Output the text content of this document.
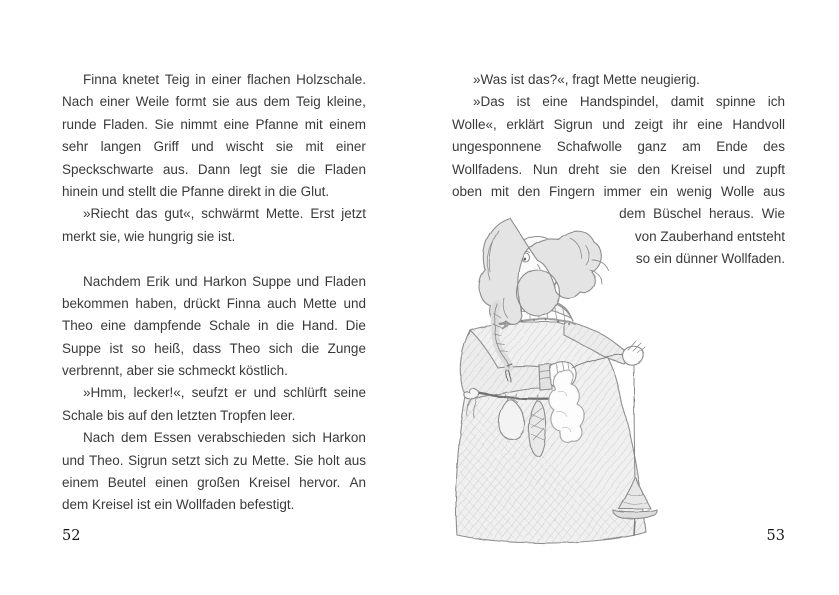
Finna knetet Teig in einer flachen Holzschale.
Nach einer Weile formt sie aus dem Teig kleine,
runde Fladen. Sie nimmt eine Pfanne mit einem
sehr langen Griff und wischt sie mit einer
Speckschwarte aus. Dann legt sie die Fladen
hinein und stellt die Pfanne direkt in die Glut.
»Riecht das gut«, schwärmt Mette. Erst jetzt
merkt sie, wie hungrig sie ist.
Nachdem Erik und Harkon Suppe und Fladen
bekommen haben, drückt Finna auch Mette und
Theo eine dampfende Schale in die Hand. Die
Suppe ist so heiß, dass Theo sich die Zunge
verbrennt, aber sie schmeckt köstlich.
»Hmm, lecker!«, seufzt er und schlürft seine
Schale bis auf den letzten Tropfen leer.
Nach dem Essen verabschieden sich Harkon
und Theo. Sigrun setzt sich zu Mette. Sie holt aus
einem Beutel einen großen Kreisel hervor. An
dem Kreisel ist ein Wollfaden befestigt.
»Was ist das?«, fragt Mette neugierig.
»Das ist eine Handspindel, damit spinne ich
Wolle«, erklärt Sigrun und zeigt ihr eine Handvoll
ungesponnene Schafwolle ganz am Ende des
Wollfadens. Nun dreht sie den Kreisel und zupft
oben mit den Fingern immer ein wenig Wolle aus
dem Büschel heraus. Wie
von Zauberhand entsteht
so ein dünner Wollfaden.
52	53
